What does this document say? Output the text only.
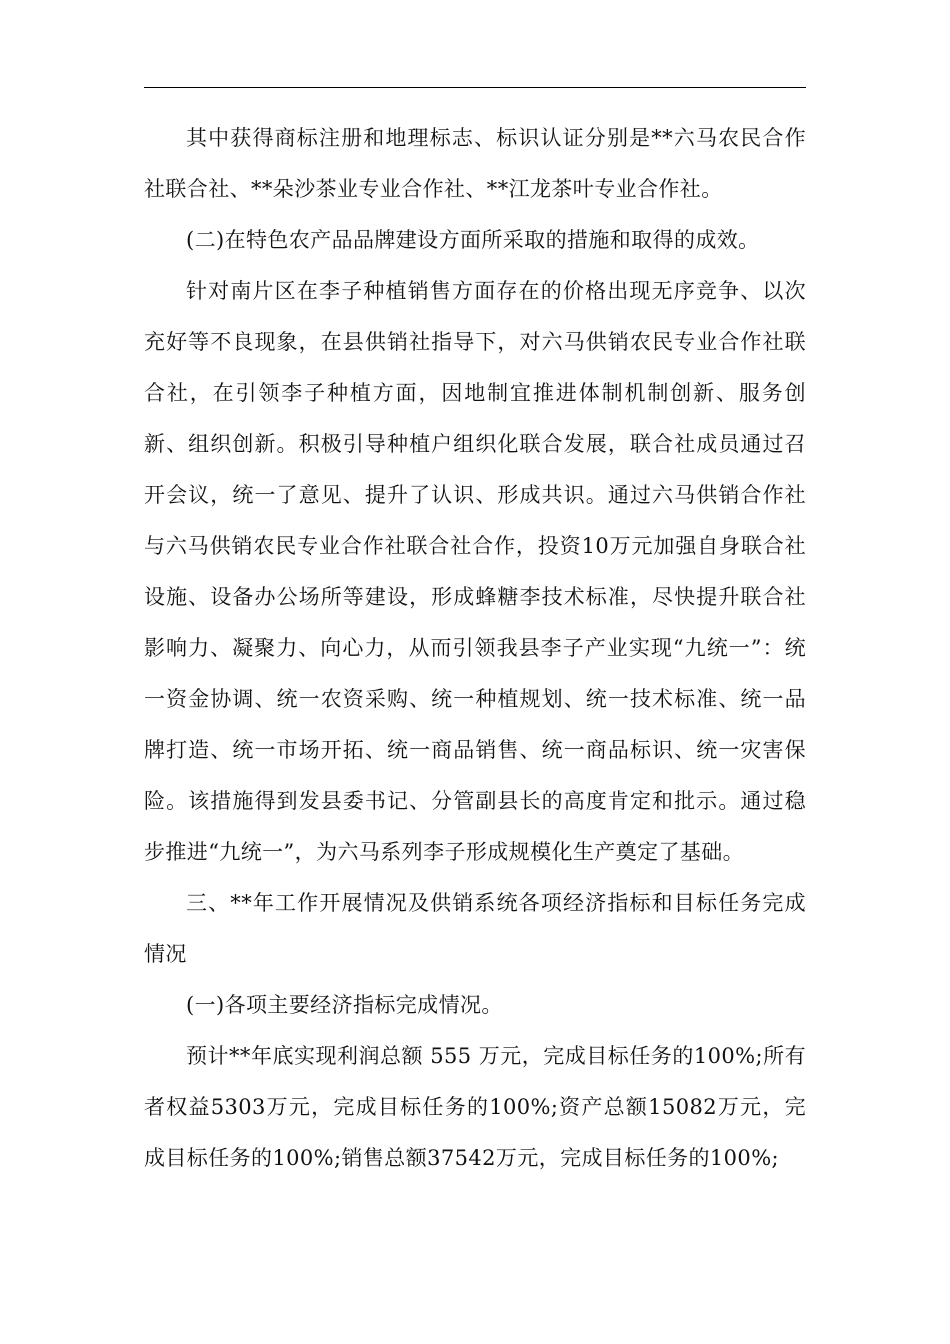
其中获得商标注册和地理标志、标识认证分别是**六马农民合作社联合社、**朵沙茶业专业合作社、**江龙茶叶专业合作社。

(二)在特色农产品品牌建设方面所采取的措施和取得的成效。

针对南片区在李子种植销售方面存在的价格出现无序竞争、以次充好等不良现象，在县供销社指导下，对六马供销农民专业合作社联合社，在引领李子种植方面，因地制宜推进体制机制创新、服务创新、组织创新。积极引导种植户组织化联合发展，联合社成员通过召开会议，统一了意见、提升了认识、形成共识。通过六马供销合作社与六马供销农民专业合作社联合社合作，投资10万元加强自身联合社设施、设备办公场所等建设，形成蜂糖李技术标准，尽快提升联合社影响力、凝聚力、向心力，从而引领我县李子产业实现“九统一”：统一资金协调、统一农资采购、统一种植规划、统一技术标准、统一品牌打造、统一市场开拓、统一商品销售、统一商品标识、统一灾害保险。该措施得到发县委书记、分管副县长的高度肯定和批示。通过稳步推进“九统一”，为六马系列李子形成规模化生产奠定了基础。

三、**年工作开展情况及供销系统各项经济指标和目标任务完成情况

(一)各项主要经济指标完成情况。

预计**年底实现利润总额 555 万元，完成目标任务的100%;所有者权益5303万元，完成目标任务的100%;资产总额15082万元，完成目标任务的100%;销售总额37542万元，完成目标任务的100%;
